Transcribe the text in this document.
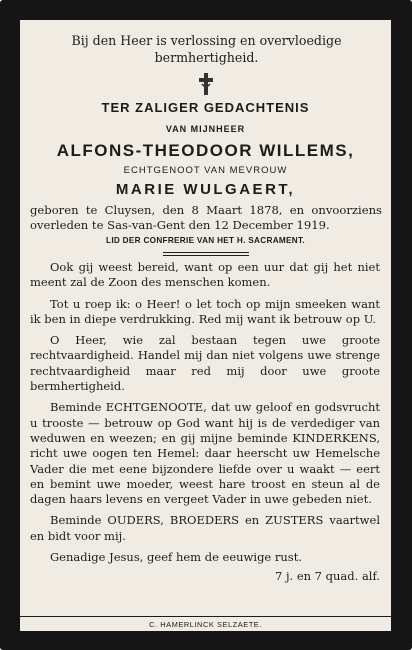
Bij den Heer is verlossing en overvloedige bermhertigheid.
TER ZALIGER GEDACHTENIS
VAN MIJNHEER
ALFONS-THEODOOR WILLEMS,
ECHTGENOOT VAN MEVROUW
MARIE WULGAERT,
geboren te Cluysen, den 8 Maart 1878, en onvoorziens overleden te Sas-van-Gent den 12 December 1919.
LID DER CONFRERIE VAN HET H. SACRAMENT.

Ook gij weest bereid, want op een uur dat gij het niet meent zal de Zoon des menschen komen.

Tot u roep ik: o Heer! o let toch op mijn smeeken want ik ben in diepe verdrukking. Red mij want ik betrouw op U.

O Heer, wie zal bestaan tegen uwe groote rechtvaardigheid. Handel mij dan niet volgens uwe strenge rechtvaardigheid maar red mij door uwe groote bermhertigheid.

Beminde ECHTGENOOTE, dat uw geloof en godsvrucht u trooste — betrouw op God want hij is de verdediger van weduwen en weezen; en gij mijne beminde KINDERKENS, richt uwe oogen ten Hemel: daar heerscht uw Hemelsche Vader die met eene bijzondere liefde over u waakt — eert en bemint uwe moeder, weest hare troost en steun al de dagen haars levens en vergeet Vader in uwe gebeden niet.

Beminde OUDERS, BROEDERS en ZUSTERS vaartwel en bidt voor mij.

Genadige Jesus, geef hem de eeuwige rust.

7 j. en 7 quad. alf.

C. HAMERLINCK SELZAETE.
